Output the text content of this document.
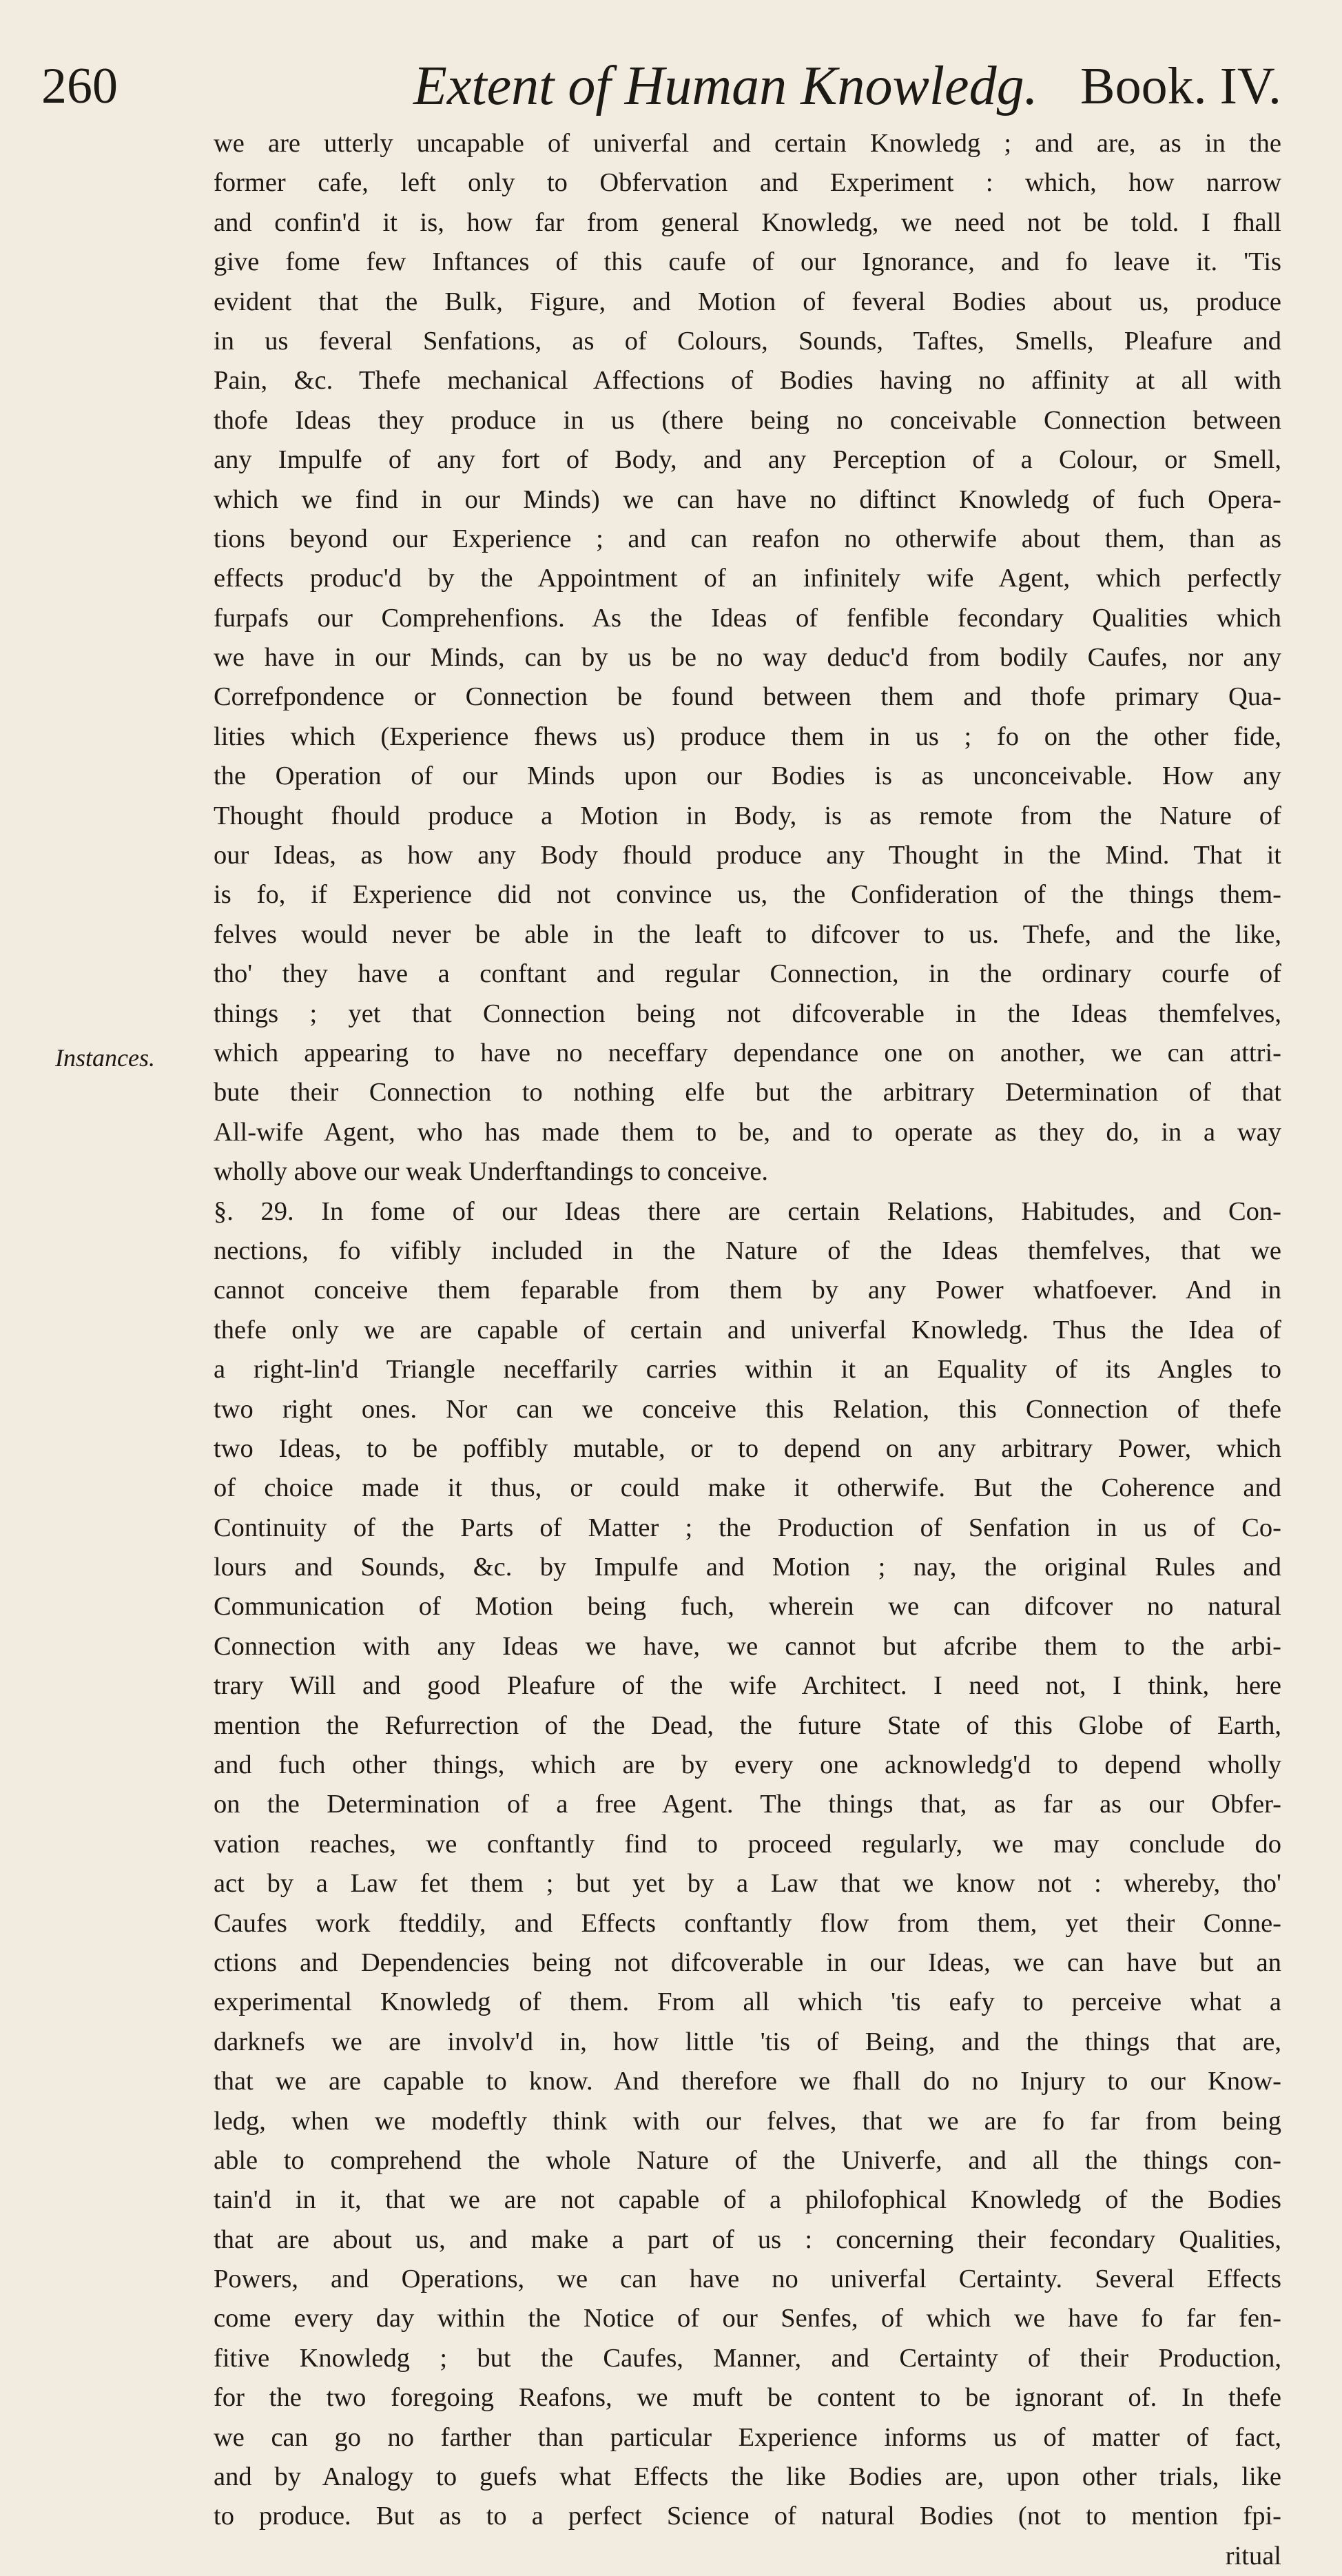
260	Extent of Human Knowledg. Book. IV.
Instances.
we are utterly uncapable of univerfal and certain Knowledg ; and are, as in the
former cafe, left only to Obfervation and Experiment : which, how narrow
and confin'd it is, how far from general Knowledg, we need not be told. I fhall
give fome few Inftances of this caufe of our Ignorance, and fo leave it. 'Tis
evident that the Bulk, Figure, and Motion of feveral Bodies about us, produce
in us feveral Senfations, as of Colours, Sounds, Taftes, Smells, Pleafure and
Pain, &c. Thefe mechanical Affections of Bodies having no affinity at all with
thofe Ideas they produce in us (there being no conceivable Connection between
any Impulfe of any fort of Body, and any Perception of a Colour, or Smell,
which we find in our Minds) we can have no diftinct Knowledg of fuch Opera-
tions beyond our Experience ; and can reafon no otherwife about them, than as
effects produc'd by the Appointment of an infinitely wife Agent, which perfectly
furpafs our Comprehenfions. As the Ideas of fenfible fecondary Qualities which
we have in our Minds, can by us be no way deduc'd from bodily Caufes, nor any
Correfpondence or Connection be found between them and thofe primary Qua-
lities which (Experience fhews us) produce them in us ; fo on the other fide,
the Operation of our Minds upon our Bodies is as unconceivable. How any
Thought fhould produce a Motion in Body, is as remote from the Nature of
our Ideas, as how any Body fhould produce any Thought in the Mind. That it
is fo, if Experience did not convince us, the Confideration of the things them-
felves would never be able in the leaft to difcover to us. Thefe, and the like,
tho' they have a conftant and regular Connection, in the ordinary courfe of
things ; yet that Connection being not difcoverable in the Ideas themfelves,
which appearing to have no neceffary dependance one on another, we can attri-
bute their Connection to nothing elfe but the arbitrary Determination of that
All-wife Agent, who has made them to be, and to operate as they do, in a way
wholly above our weak Underftandings to conceive.
§. 29. In fome of our Ideas there are certain Relations, Habitudes, and Con-
nections, fo vifibly included in the Nature of the Ideas themfelves, that we
cannot conceive them feparable from them by any Power whatfoever. And in
thefe only we are capable of certain and univerfal Knowledg. Thus the Idea of
a right-lin'd Triangle neceffarily carries within it an Equality of its Angles to
two right ones. Nor can we conceive this Relation, this Connection of thefe
two Ideas, to be poffibly mutable, or to depend on any arbitrary Power, which
of choice made it thus, or could make it otherwife. But the Coherence and
Continuity of the Parts of Matter ; the Production of Senfation in us of Co-
lours and Sounds, &c. by Impulfe and Motion ; nay, the original Rules and
Communication of Motion being fuch, wherein we can difcover no natural
Connection with any Ideas we have, we cannot but afcribe them to the arbi-
trary Will and good Pleafure of the wife Architect. I need not, I think, here
mention the Refurrection of the Dead, the future State of this Globe of Earth,
and fuch other things, which are by every one acknowledg'd to depend wholly
on the Determination of a free Agent. The things that, as far as our Obfer-
vation reaches, we conftantly find to proceed regularly, we may conclude do
act by a Law fet them ; but yet by a Law that we know not : whereby, tho'
Caufes work fteddily, and Effects conftantly flow from them, yet their Conne-
ctions and Dependencies being not difcoverable in our Ideas, we can have but an
experimental Knowledg of them. From all which 'tis eafy to perceive what a
darknefs we are involv'd in, how little 'tis of Being, and the things that are,
that we are capable to know. And therefore we fhall do no Injury to our Know-
ledg, when we modeftly think with our felves, that we are fo far from being
able to comprehend the whole Nature of the Univerfe, and all the things con-
tain'd in it, that we are not capable of a philofophical Knowledg of the Bodies
that are about us, and make a part of us : concerning their fecondary Qualities,
Powers, and Operations, we can have no univerfal Certainty. Several Effects
come every day within the Notice of our Senfes, of which we have fo far fen-
fitive Knowledg ; but the Caufes, Manner, and Certainty of their Production,
for the two foregoing Reafons, we muft be content to be ignorant of. In thefe
we can go no farther than particular Experience informs us of matter of fact,
and by Analogy to guefs what Effects the like Bodies are, upon other trials, like
to produce. But as to a perfect Science of natural Bodies (not to mention fpi-
ritual
